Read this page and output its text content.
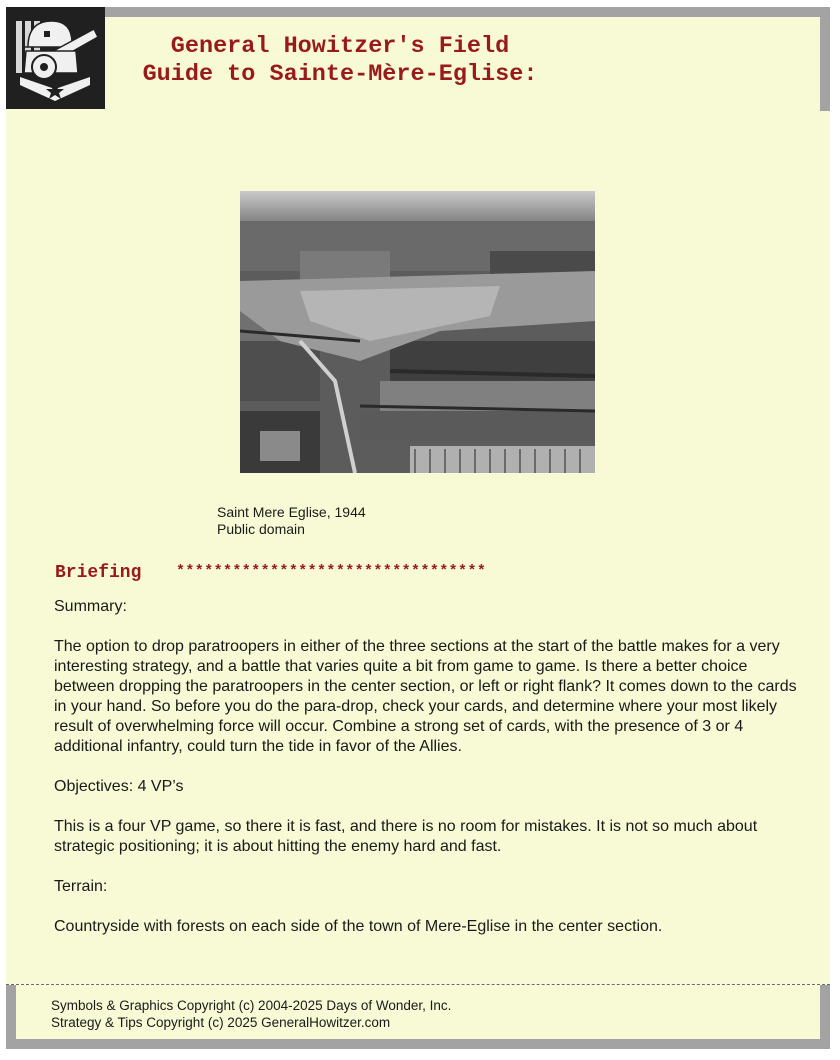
General Howitzer's Field
Guide to Sainte-Mère-Eglise:
Saint Mere Eglise, 1944
Public domain
Briefing *********************************

Summary:

The option to drop paratroopers in either of the three sections at the start of the battle makes for a very interesting strategy, and a battle that varies quite a bit from game to game. Is there a better choice between dropping the paratroopers in the center section, or left or right flank? It comes down to the cards in your hand. So before you do the para-drop, check your cards, and determine where your most likely result of overwhelming force will occur. Combine a strong set of cards, with the presence of 3 or 4 additional infantry, could turn the tide in favor of the Allies.

Objectives: 4 VP’s

This is a four VP game, so there it is fast, and there is no room for mistakes. It is not so much about strategic positioning; it is about hitting the enemy hard and fast.

Terrain:

Countryside with forests on each side of the town of Mere-Eglise in the center section.

Symbols & Graphics Copyright (c) 2004-2025 Days of Wonder, Inc.
Strategy & Tips Copyright (c) 2025 GeneralHowitzer.com
